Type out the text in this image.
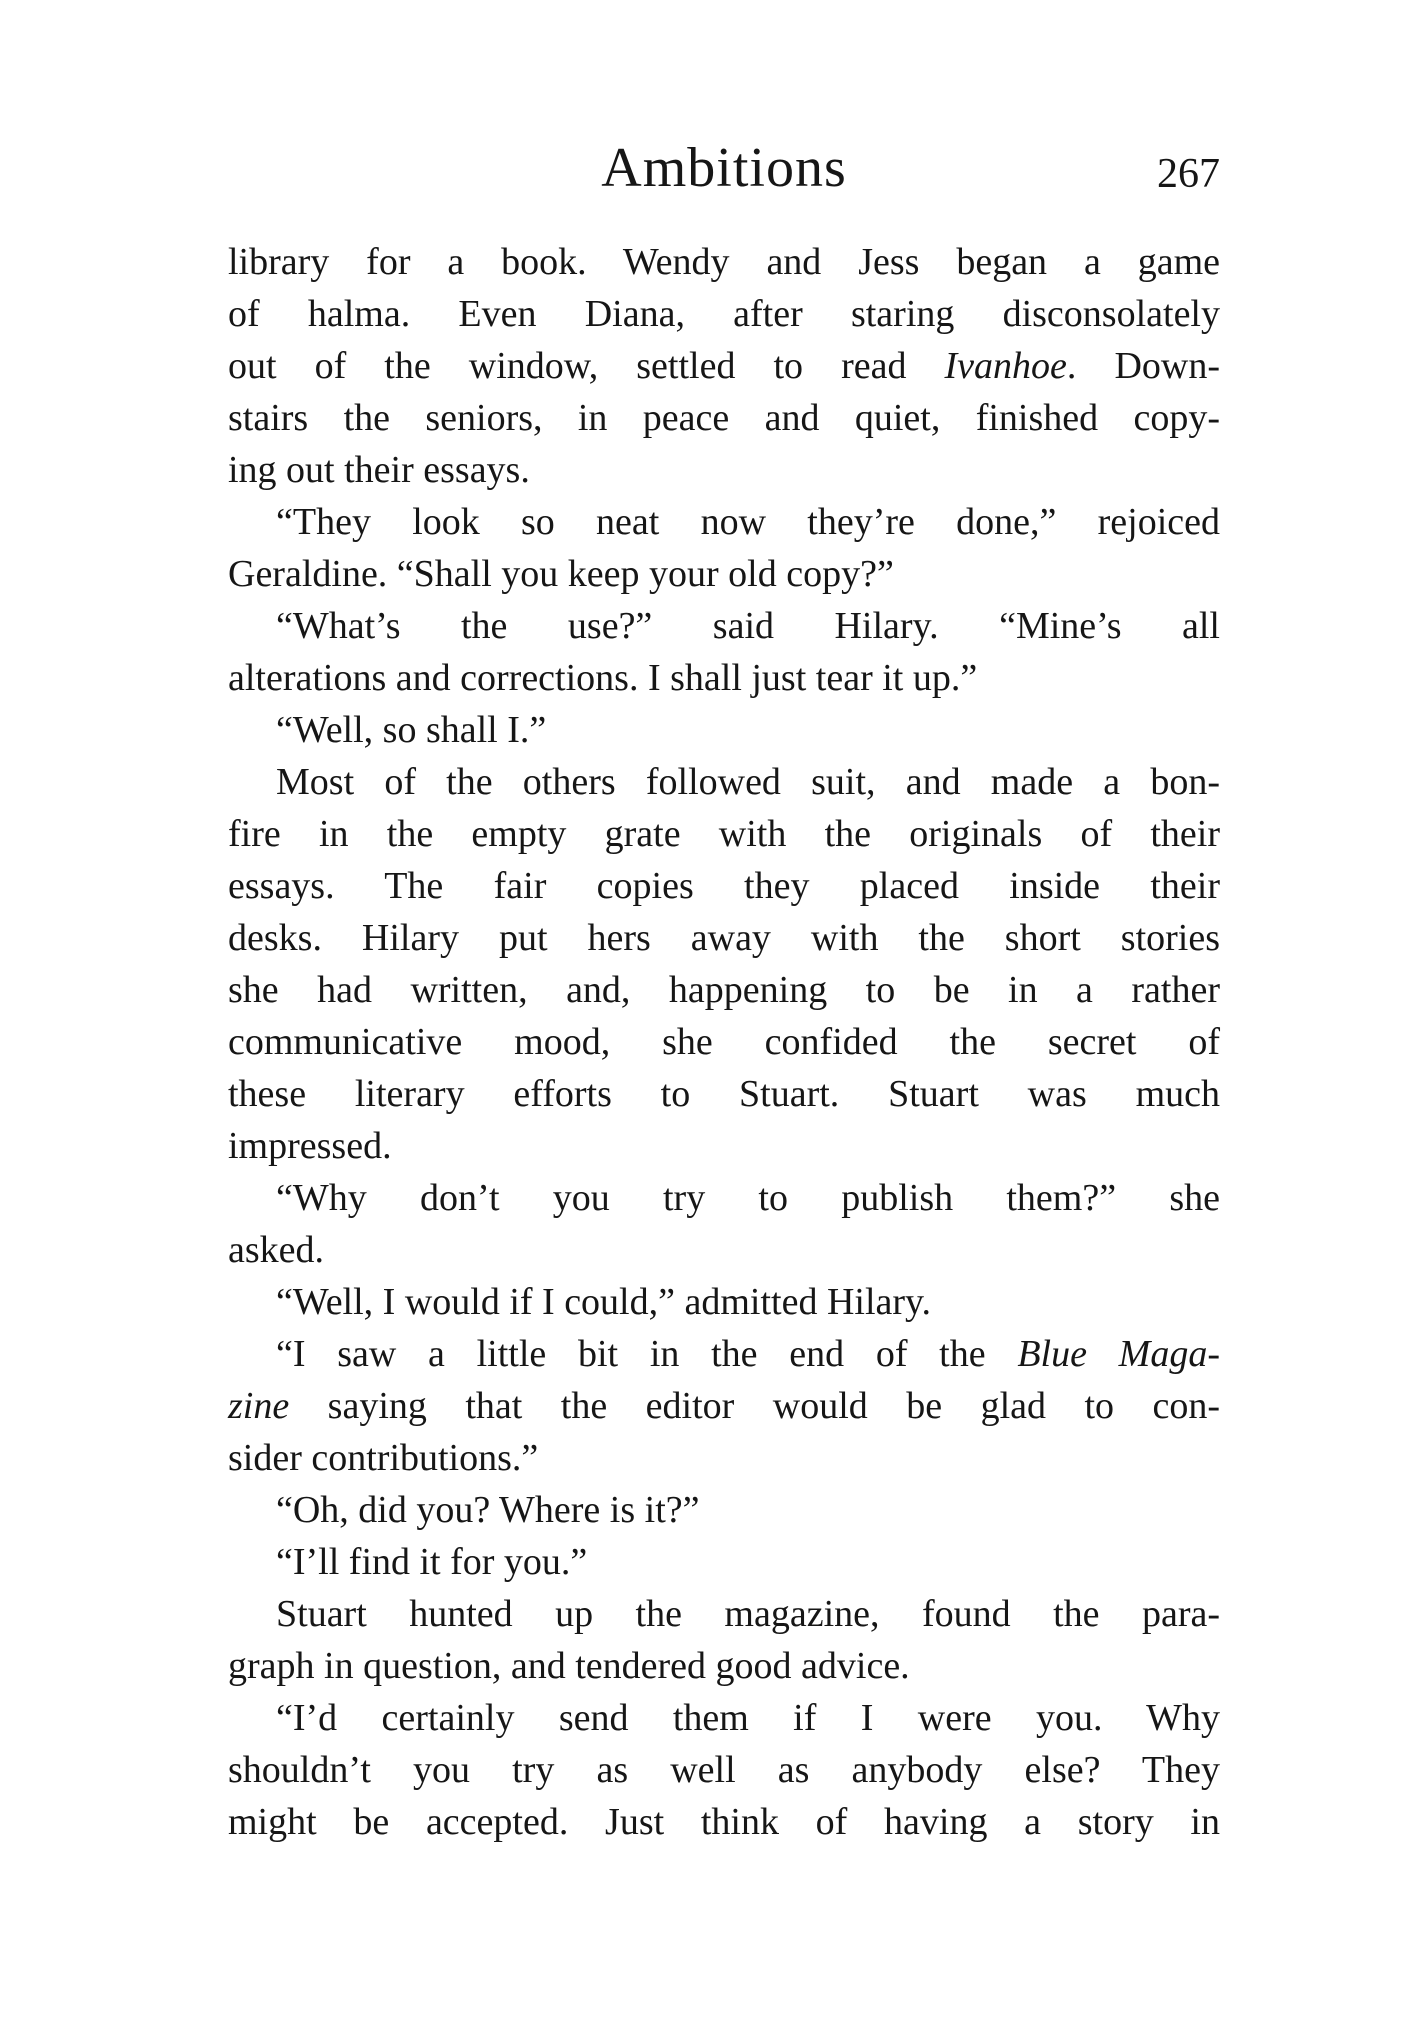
Ambitions	267
library for a book. Wendy and Jess began a game
of halma. Even Diana, after staring disconsolately
out of the window, settled to read Ivanhoe. Down-
stairs the seniors, in peace and quiet, finished copy-
ing out their essays.
“They look so neat now they’re done,” rejoiced
Geraldine. “Shall you keep your old copy?”
“What’s the use?” said Hilary. “Mine’s all
alterations and corrections. I shall just tear it up.”
“Well, so shall I.”
Most of the others followed suit, and made a bon-
fire in the empty grate with the originals of their
essays. The fair copies they placed inside their
desks. Hilary put hers away with the short stories
she had written, and, happening to be in a rather
communicative mood, she confided the secret of
these literary efforts to Stuart. Stuart was much
impressed.
“Why don’t you try to publish them?” she
asked.
“Well, I would if I could,” admitted Hilary.
“I saw a little bit in the end of the Blue Maga-
zine saying that the editor would be glad to con-
sider contributions.”
“Oh, did you? Where is it?”
“I’ll find it for you.”
Stuart hunted up the magazine, found the para-
graph in question, and tendered good advice.
“I’d certainly send them if I were you. Why
shouldn’t you try as well as anybody else? They
might be accepted. Just think of having a story in
